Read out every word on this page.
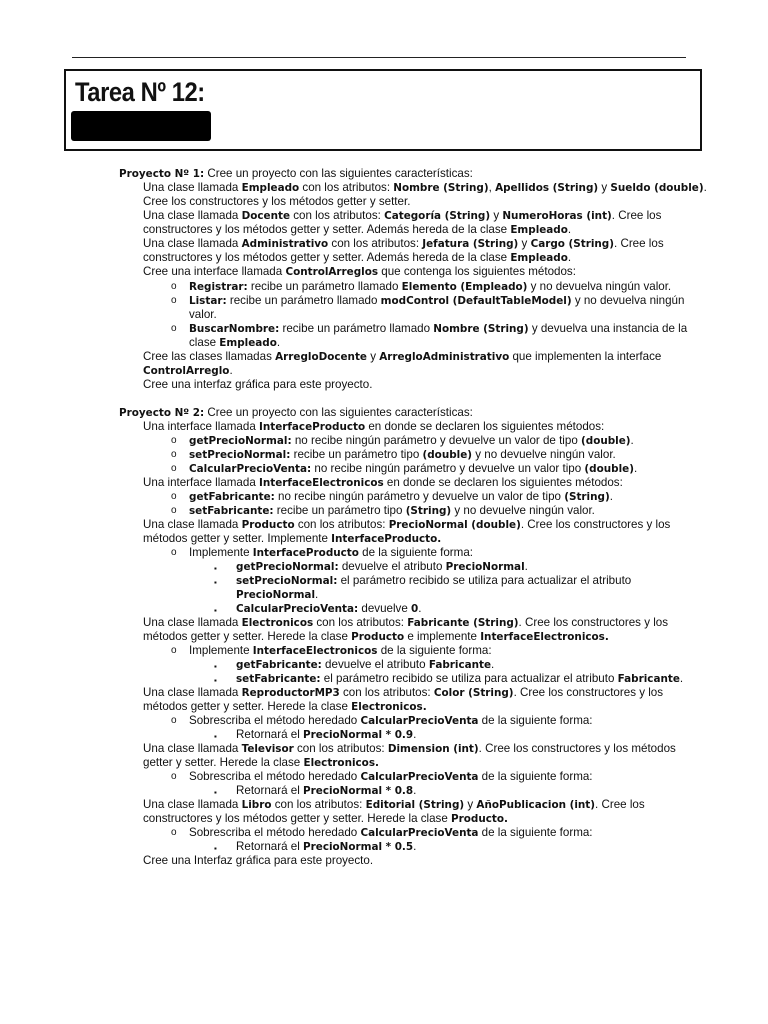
Tarea Nº 12:
Proyecto Nº 1: Cree un proyecto con las siguientes características:
Una clase llamada Empleado con los atributos: Nombre (String), Apellidos (String) y Sueldo (double).
Cree los constructores y los métodos getter y setter.
Una clase llamada Docente con los atributos: Categoría (String) y NumeroHoras (int). Cree los
constructores y los métodos getter y setter. Además hereda de la clase Empleado.
Una clase llamada Administrativo con los atributos: Jefatura (String) y Cargo (String). Cree los
constructores y los métodos getter y setter. Además hereda de la clase Empleado.
Cree una interface llamada ControlArreglos que contenga los siguientes métodos:
Registrar: recibe un parámetro llamado Elemento (Empleado) y no devuelva ningún valor.
o
Listar: recibe un parámetro llamado modControl (DefaultTableModel) y no devuelva ningún
o
valor.
BuscarNombre: recibe un parámetro llamado Nombre (String) y devuelva una instancia de la
o
clase Empleado.
Cree las clases llamadas ArregloDocente y ArregloAdministrativo que implementen la interface
ControlArreglo.
Cree una interfaz gráfica para este proyecto.
Proyecto Nº 2: Cree un proyecto con las siguientes características:
Una interface llamada InterfaceProducto en donde se declaren los siguientes métodos:
getPrecioNormal: no recibe ningún parámetro y devuelve un valor de tipo (double).
o
setPrecioNormal: recibe un parámetro tipo (double) y no devuelve ningún valor.
o
CalcularPrecioVenta: no recibe ningún parámetro y devuelve un valor tipo (double).
o
Una interface llamada InterfaceElectronicos en donde se declaren los siguientes métodos:
getFabricante: no recibe ningún parámetro y devuelve un valor de tipo (String).
o
setFabricante: recibe un parámetro tipo (String) y no devuelve ningún valor.
o
Una clase llamada Producto con los atributos: PrecioNormal (double). Cree los constructores y los
métodos getter y setter. Implemente InterfaceProducto.
Implemente InterfaceProducto de la siguiente forma:
o
getPrecioNormal: devuelve el atributo PrecioNormal.
▪
setPrecioNormal: el parámetro recibido se utiliza para actualizar el atributo
▪
PrecioNormal.
CalcularPrecioVenta: devuelve 0.
▪
Una clase llamada Electronicos con los atributos: Fabricante (String). Cree los constructores y los
métodos getter y setter. Herede la clase Producto e implemente InterfaceElectronicos.
Implemente InterfaceElectronicos de la siguiente forma:
o
getFabricante: devuelve el atributo Fabricante.
▪
setFabricante: el parámetro recibido se utiliza para actualizar el atributo Fabricante.
▪
Una clase llamada ReproductorMP3 con los atributos: Color (String). Cree los constructores y los
métodos getter y setter. Herede la clase Electronicos.
Sobrescriba el método heredado CalcularPrecioVenta de la siguiente forma:
o
Retornará el PrecioNormal * 0.9.
▪
Una clase llamada Televisor con los atributos: Dimension (int). Cree los constructores y los métodos
getter y setter. Herede la clase Electronicos.
Sobrescriba el método heredado CalcularPrecioVenta de la siguiente forma:
o
Retornará el PrecioNormal * 0.8.
▪
Una clase llamada Libro con los atributos: Editorial (String) y AñoPublicacion (int). Cree los
constructores y los métodos getter y setter. Herede la clase Producto.
Sobrescriba el método heredado CalcularPrecioVenta de la siguiente forma:
o
Retornará el PrecioNormal * 0.5.
▪
Cree una Interfaz gráfica para este proyecto.
